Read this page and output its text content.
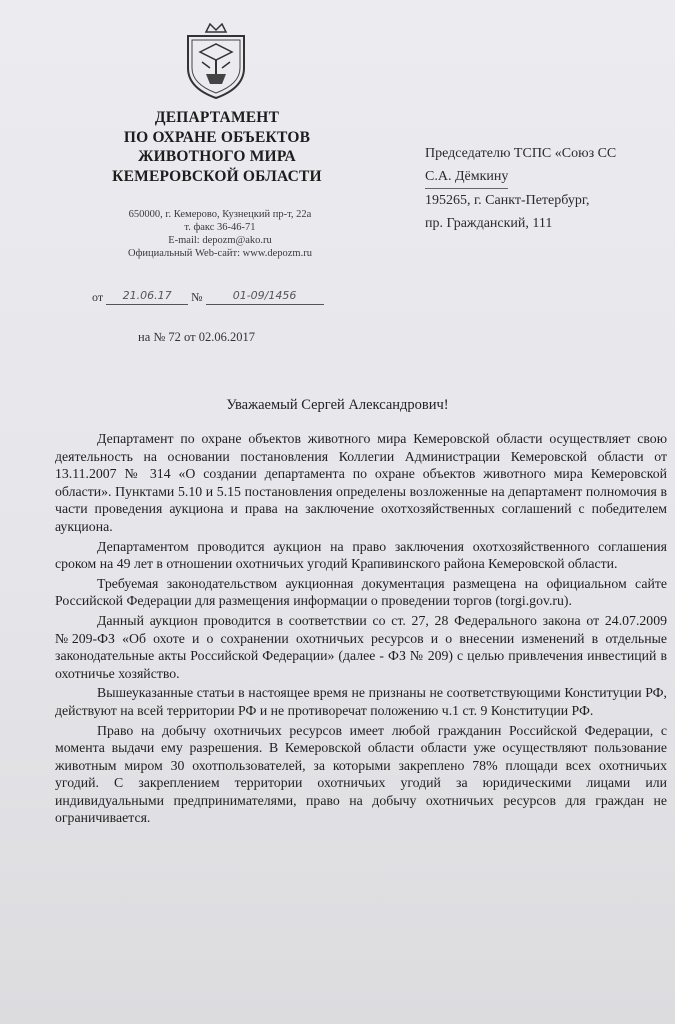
ДЕПАРТАМЕНТ
ПО ОХРАНЕ ОБЪЕКТОВ
ЖИВОТНОГО МИРА
КЕМЕРОВСКОЙ ОБЛАСТИ
650000, г. Кемерово, Кузнецкий пр-т, 22а
т. факс 36-46-71
E-mail: depozm@ako.ru
Официальный Web-сайт: www.depozm.ru
от 21.06.17 №	01-09/1456
на № 72 от 02.06.2017
Председателю ТСПС «Союз СС
С.А. Дёмкину
195265, г. Санкт-Петербург,
пр. Гражданский, 111
Уважаемый Сергей Александрович!

Департамент по охране объектов животного мира Кемеровской области осуществляет свою деятельность на основании постановления Коллегии Администрации Кемеровской области от 13.11.2007 № 314 «О создании департамента по охране объектов животного мира Кемеровской области». Пунктами 5.10 и 5.15 постановления определены возложенные на департамент полномочия в части проведения аукциона и права на заключение охотхозяйственных соглашений с победителем аукциона.

Департаментом проводится аукцион на право заключения охотхозяйственного соглашения сроком на 49 лет в отношении охотничьих угодий Крапивинского района Кемеровской области.

Требуемая законодательством аукционная документация размещена на официальном сайте Российской Федерации для размещения информации о проведении торгов (torgi.gov.ru).

Данный аукцион проводится в соответствии со ст. 27, 28 Федерального закона от 24.07.2009 №209-ФЗ «Об охоте и о сохранении охотничьих ресурсов и о внесении изменений в отдельные законодательные акты Российской Федерации» (далее - ФЗ № 209) с целью привлечения инвестиций в охотничье хозяйство.

Вышеуказанные статьи в настоящее время не признаны не соответствующими Конституции РФ, действуют на всей территории РФ и не противоречат положению ч.1 ст. 9 Конституции РФ.

Право на добычу охотничьих ресурсов имеет любой гражданин Российской Федерации, с момента выдачи ему разрешения. В Кемеровской области области уже осуществляют пользование животным миром 30 охотпользователей, за которыми закреплено 78% площади всех охотничьих угодий. С закреплением территории охотничьих угодий за юридическими лицами или индивидуальными предпринимателями, право на добычу охотничьих ресурсов для граждан не ограничивается.
